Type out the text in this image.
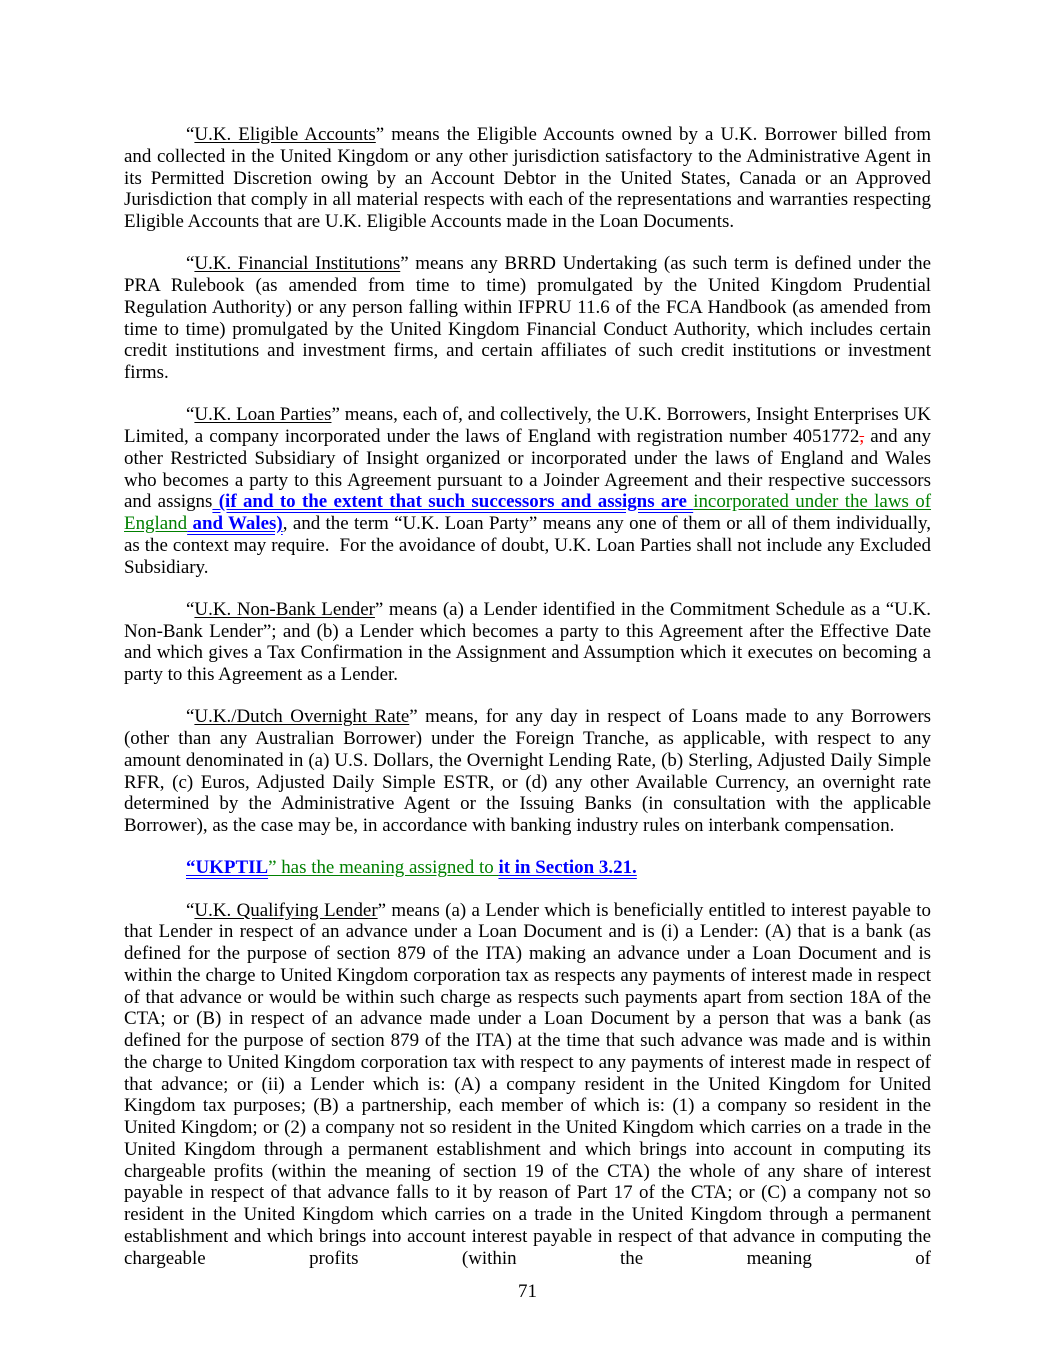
“U.K. Eligible Accounts” means the Eligible Accounts owned by a U.K. Borrower billed from and collected in the United Kingdom or any other jurisdiction satisfactory to the Administrative Agent in its Permitted Discretion owing by an Account Debtor in the United States, Canada or an Approved Jurisdiction that comply in all material respects with each of the representations and warranties respecting Eligible Accounts that are U.K. Eligible Accounts made in the Loan Documents.

“U.K. Financial Institutions” means any BRRD Undertaking (as such term is defined under the PRA Rulebook (as amended from time to time) promulgated by the United Kingdom Prudential Regulation Authority) or any person falling within IFPRU 11.6 of the FCA Handbook (as amended from time to time) promulgated by the United Kingdom Financial Conduct Authority, which includes certain credit institutions and investment firms, and certain affiliates of such credit institutions or investment firms.

“U.K. Loan Parties” means, each of, and collectively, the U.K. Borrowers, Insight Enterprises UK Limited, a company incorporated under the laws of England with registration number 4051772, and any other Restricted Subsidiary of Insight organized or incorporated under the laws of England and Wales who becomes a party to this Agreement pursuant to a Joinder Agreement and their respective successors and assigns (if and to the extent that such successors and assigns are incorporated under the laws of England and Wales), and the term “U.K. Loan Party” means any one of them or all of them individually, as the context may require.  For the avoidance of doubt, U.K. Loan Parties shall not include any Excluded Subsidiary.

“U.K. Non-Bank Lender” means (a) a Lender identified in the Commitment Schedule as a “U.K. Non-Bank Lender”; and (b) a Lender which becomes a party to this Agreement after the Effective Date and which gives a Tax Confirmation in the Assignment and Assumption which it executes on becoming a party to this Agreement as a Lender.

“U.K./Dutch Overnight Rate” means, for any day in respect of Loans made to any Borrowers (other than any Australian Borrower) under the Foreign Tranche, as applicable, with respect to any amount denominated in (a) U.S. Dollars, the Overnight Lending Rate, (b) Sterling, Adjusted Daily Simple RFR, (c) Euros, Adjusted Daily Simple ESTR, or (d) any other Available Currency, an overnight rate determined by the Administrative Agent or the Issuing Banks (in consultation with the applicable Borrower), as the case may be, in accordance with banking industry rules on interbank compensation.

“UKPTIL” has the meaning assigned to it in Section 3.21.

“U.K. Qualifying Lender” means (a) a Lender which is beneficially entitled to interest payable to that Lender in respect of an advance under a Loan Document and is (i) a Lender: (A) that is a bank (as defined for the purpose of section 879 of the ITA) making an advance under a Loan Document and is within the charge to United Kingdom corporation tax as respects any payments of interest made in respect of that advance or would be within such charge as respects such payments apart from section 18A of the CTA; or (B) in respect of an advance made under a Loan Document by a person that was a bank (as defined for the purpose of section 879 of the ITA) at the time that such advance was made and is within the charge to United Kingdom corporation tax with respect to any payments of interest made in respect of that advance; or (ii) a Lender which is: (A) a company resident in the United Kingdom for United Kingdom tax purposes; (B) a partnership, each member of which is: (1) a company so resident in the United Kingdom; or (2) a company not so resident in the United Kingdom which carries on a trade in the United Kingdom through a permanent establishment and which brings into account in computing its chargeable profits (within the meaning of section 19 of the CTA) the whole of any share of interest payable in respect of that advance falls to it by reason of Part 17 of the CTA; or (C) a company not so resident in the United Kingdom which carries on a trade in the United Kingdom through a permanent establishment and which brings into account interest payable in respect of that advance in computing the chargeable profits (within the meaning of

71
